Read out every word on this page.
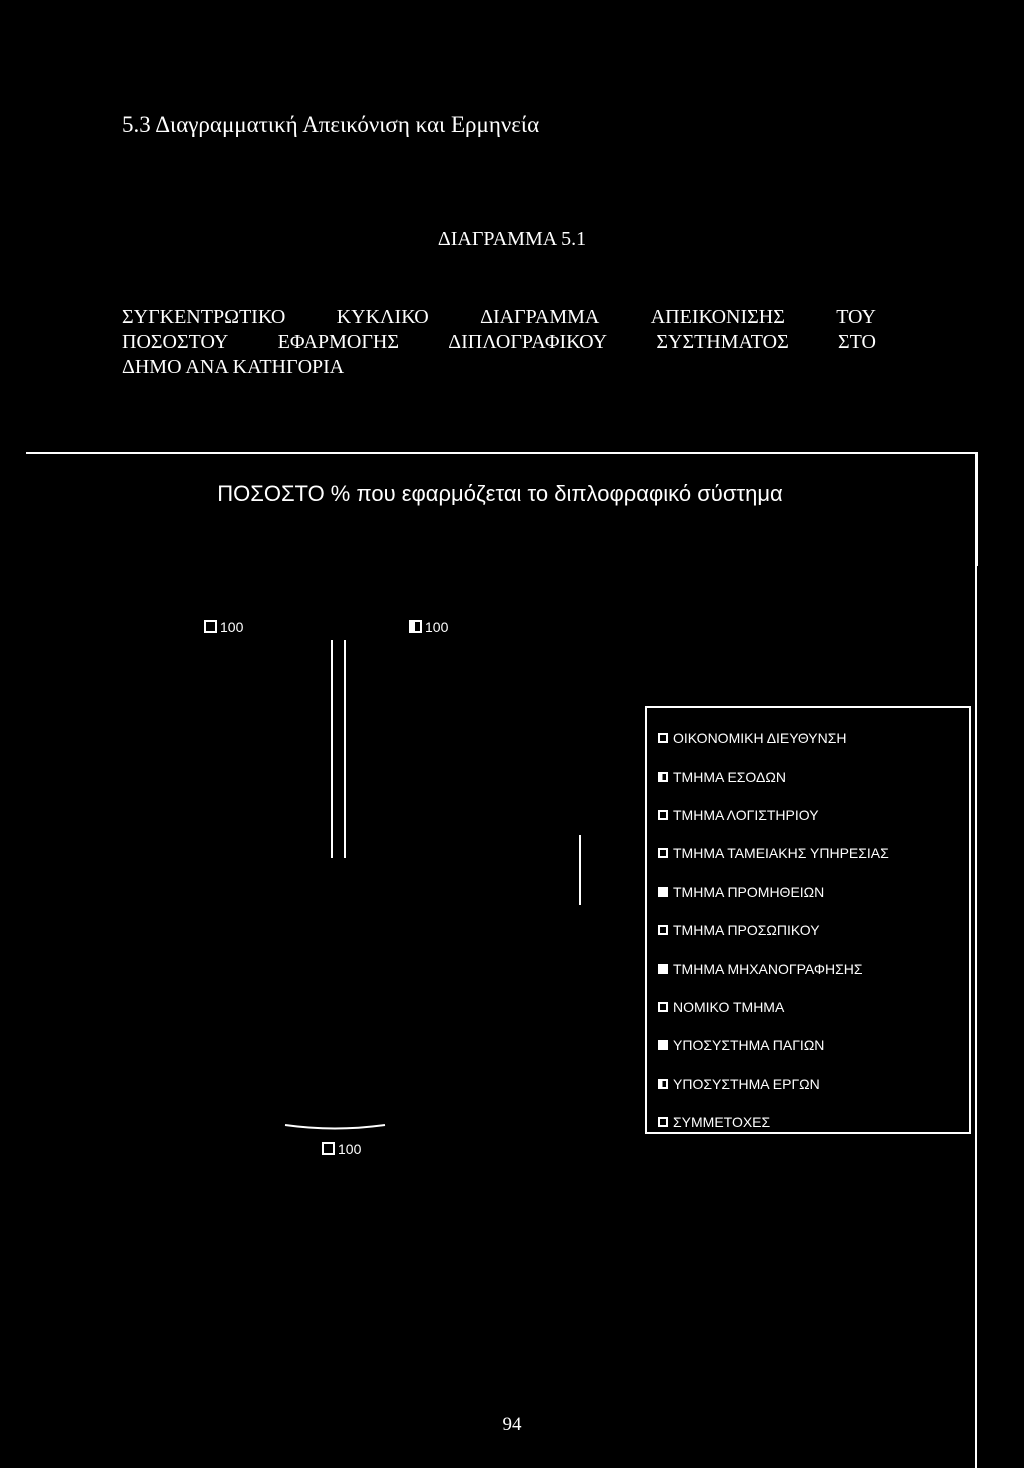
5.3 Διαγραμματική Απεικόνιση και Ερμηνεία
ΔΙΑΓΡΑΜΜΑ 5.1
ΣΥΓΚΕΝΤΡΩΤΙΚΟ	ΚΥΚΛΙΚΟ	ΔΙΑΓΡΑΜΜΑ	ΑΠΕΙΚΟΝΙΣΗΣ	ΤΟΥ
ΠΟΣΟΣΤΟΥ ΕΦΑΡΜΟΓΗΣ ΔΙΠΛΟΓΡΑΦΙΚΟΥ ΣΥΣΤΗΜΑΤΟΣ ΣΤΟ
ΔΗΜΟ ΑΝΑ ΚΑΤΗΓΟΡΙΑ
ΠΟΣΟΣΤΟ % που εφαρμόζεται το διπλοφραφικό σύστημα
100	100
100
ΟΙΚΟΝΟΜΙΚΗ ΔΙΕΥΘΥΝΣΗ
ΤΜΗΜΑ ΕΣΟΔΩΝ
ΤΜΗΜΑ ΛΟΓΙΣΤΗΡΙΟΥ
ΤΜΗΜΑ ΤΑΜΕΙΑΚΗΣ ΥΠΗΡΕΣΙΑΣ
ΤΜΗΜΑ ΠΡΟΜΗΘΕΙΩΝ
ΤΜΗΜΑ ΠΡΟΣΩΠΙΚΟΥ
ΤΜΗΜΑ ΜΗΧΑΝΟΓΡΑΦΗΣΗΣ
ΝΟΜΙΚΟ ΤΜΗΜΑ
ΥΠΟΣΥΣΤΗΜΑ ΠΑΓΙΩΝ
ΥΠΟΣΥΣΤΗΜΑ ΕΡΓΩΝ
ΣΥΜΜΕΤΟΧΕΣ
94
